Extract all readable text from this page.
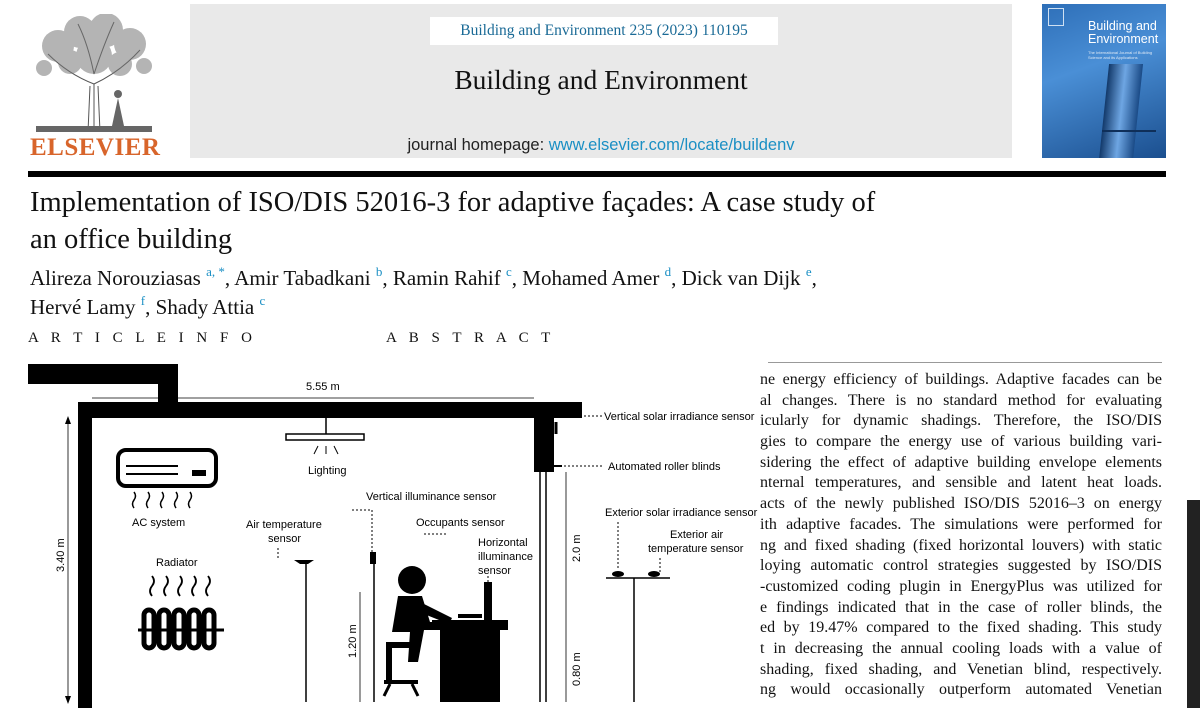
ELSEVIER
Building and Environment 235 (2023) 110195
Building and Environment
journal homepage: www.elsevier.com/locate/buildenv
Building and Environment
The International Journal of Building Science and its Applications
Implementation of ISO/DIS 52016-3 for adaptive façades: A case study of
an office building
Alireza Norouziasas $^{a, *}$, Amir Tabadkani $^b$, Ramin Rahif $^c$, Mohamed Amer $^d$, Dick van Dijk $^e$,
Hervé Lamy $^f$, Shady Attia $^c$
A R T I C L E I N F O	A B S T R A C T
ne energy efficiency of buildings. Adaptive facades can be
al changes. There is no standard method for evaluating
icularly for dynamic shadings. Therefore, the ISO/DIS
gies to compare the energy use of various building vari-
sidering the effect of adaptive building envelope elements
nternal temperatures, and sensible and latent heat loads.
acts of the newly published ISO/DIS 52016–3 on energy
ith adaptive facades. The simulations were performed for
ng and fixed shading (fixed horizontal louvers) with static
loying automatic control strategies suggested by ISO/DIS
-customized coding plugin in EnergyPlus was utilized for
e findings indicated that in the case of roller blinds, the
ed by 19.47% compared to the fixed shading. This study
t in decreasing the annual cooling loads with a value of
shading, fixed shading, and Venetian blind, respectively.
ng would occasionally outperform automated Venetian
5.55 m
3.40 m
AC system
Radiator
Lighting
Air temperature
sensor
Vertical illuminance sensor
Occupants sensor
Horizontal
illuminance
sensor
1.20 m
2.0 m
0.80 m
Vertical solar irradiance sensor
Automated roller blinds
Exterior solar irradiance sensor
Exterior air
temperature sensor
